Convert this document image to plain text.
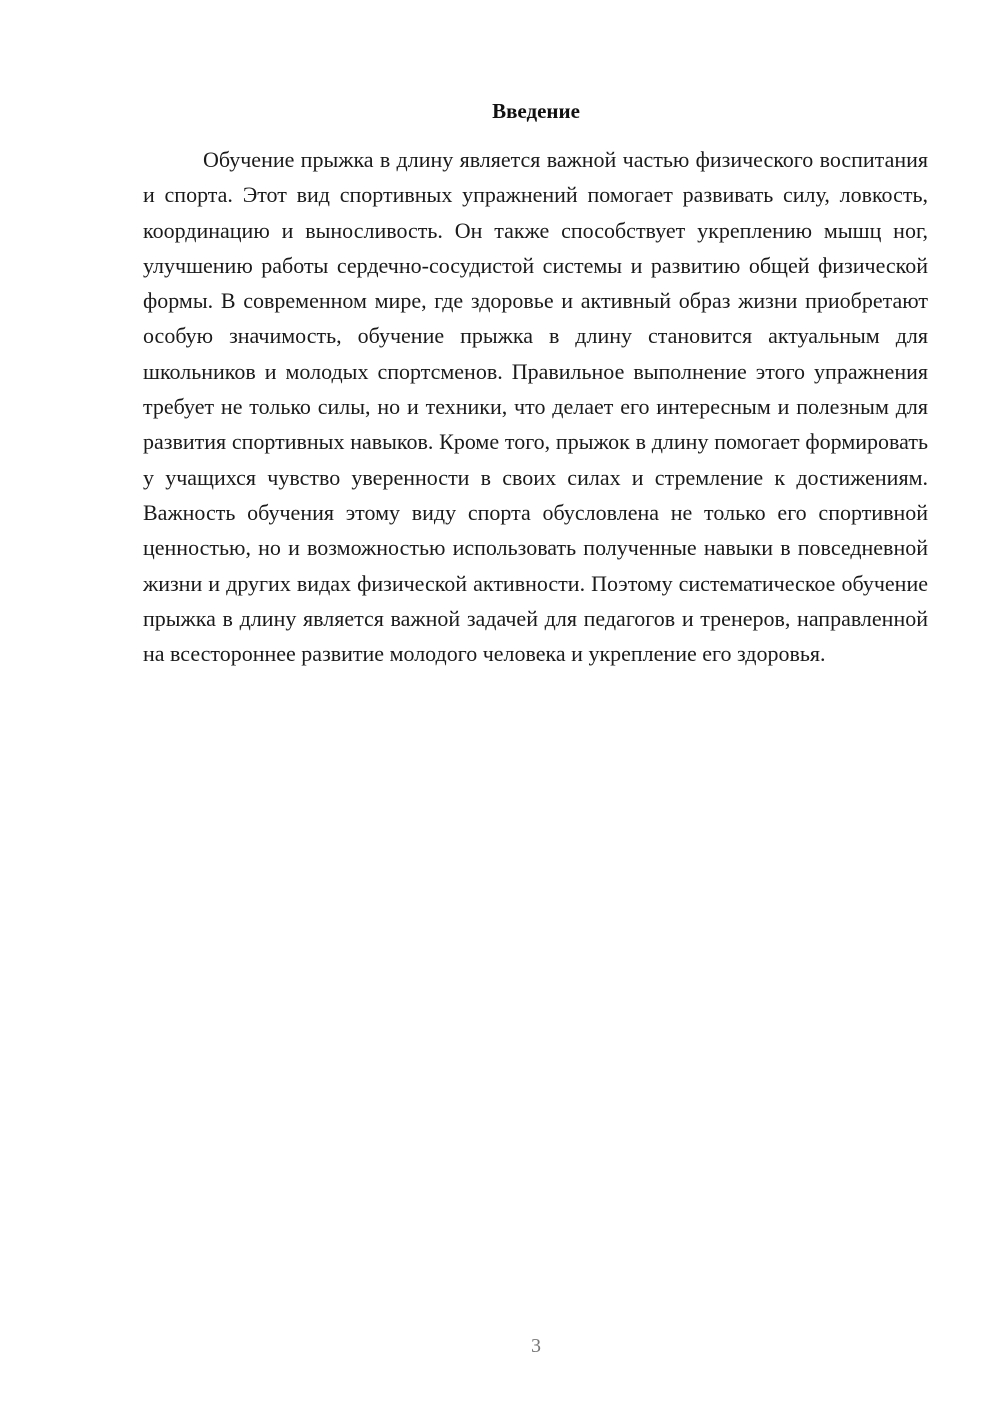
Введение

Обучение прыжка в длину является важной частью физического воспитания и спорта. Этот вид спортивных упражнений помогает развивать силу, ловкость, координацию и выносливость. Он также способствует укреплению мышц ног, улучшению работы сердечно-сосудистой системы и развитию общей физической формы. В современном мире, где здоровье и активный образ жизни приобретают особую значимость, обучение прыжка в длину становится актуальным для школьников и молодых спортсменов. Правильное выполнение этого упражнения требует не только силы, но и техники, что делает его интересным и полезным для развития спортивных навыков. Кроме того, прыжок в длину помогает формировать у учащихся чувство уверенности в своих силах и стремление к достижениям. Важность обучения этому виду спорта обусловлена не только его спортивной ценностью, но и возможностью использовать полученные навыки в повседневной жизни и других видах физической активности. Поэтому систематическое обучение прыжка в длину является важной задачей для педагогов и тренеров, направленной на всестороннее развитие молодого человека и укрепление его здоровья.

3
